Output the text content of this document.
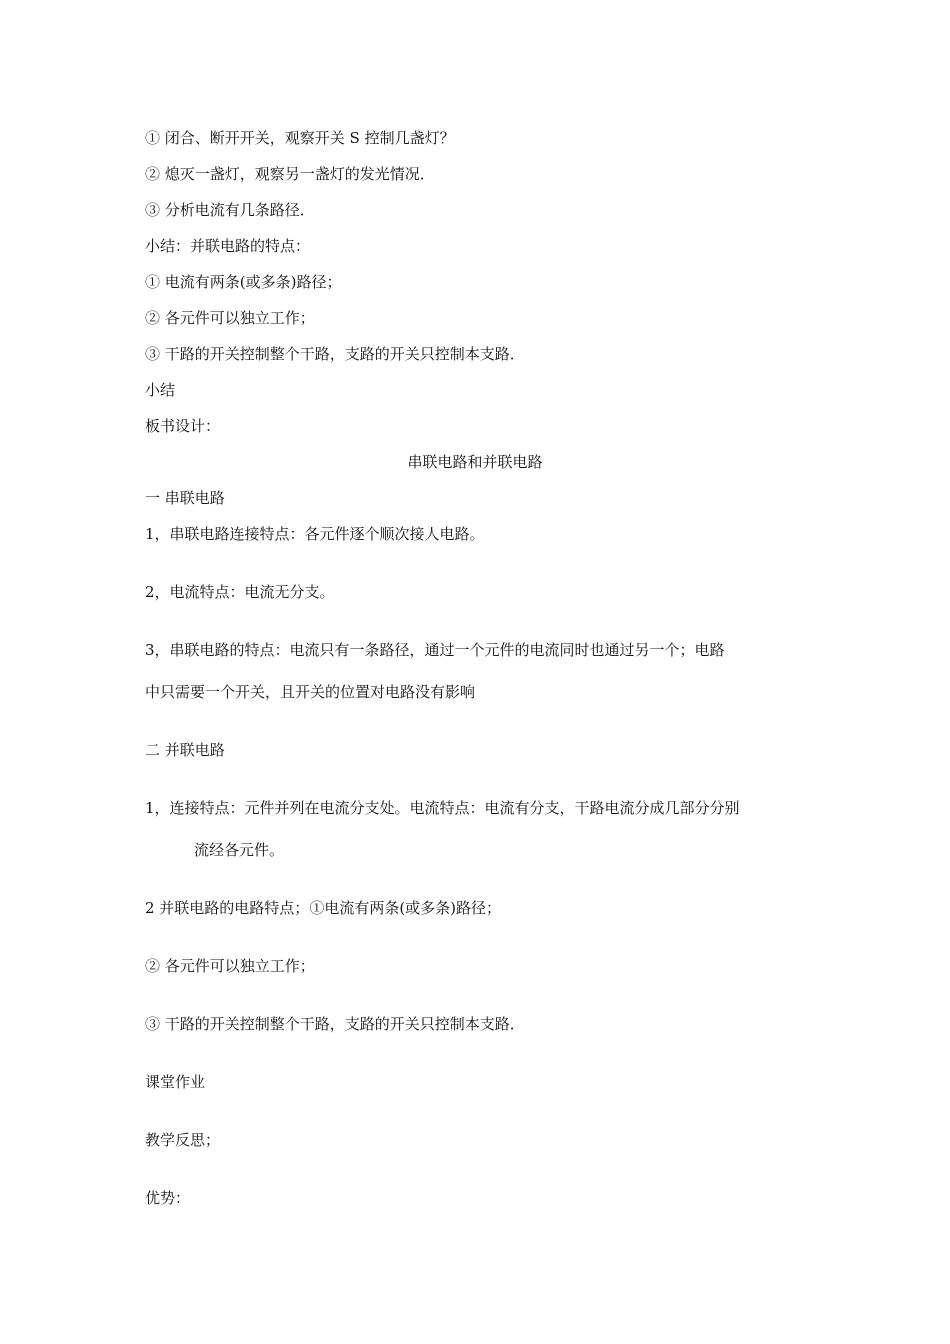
① 闭合、断开开关，观察开关 S 控制几盏灯？

② 熄灭一盏灯，观察另一盏灯的发光情况．

③ 分析电流有几条路径．

小结：并联电路的特点：

① 电流有两条(或多条)路径；

② 各元件可以独立工作；

③ 干路的开关控制整个干路，支路的开关只控制本支路．

小结

板书设计：

串联电路和并联电路

一 串联电路

1，串联电路连接特点：各元件逐个顺次接人电路。

2，电流特点：电流无分支。

3，串联电路的特点：电流只有一条路径，通过一个元件的电流同时也通过另一个；电路

中只需要一个开关，且开关的位置对电路没有影响

二 并联电路

1，连接特点：元件并列在电流分支处。电流特点：电流有分支，干路电流分成几部分分别

流经各元件。

2 并联电路的电路特点；①电流有两条(或多条)路径；

② 各元件可以独立工作；

③ 干路的开关控制整个干路，支路的开关只控制本支路．

课堂作业

教学反思；

优势：
